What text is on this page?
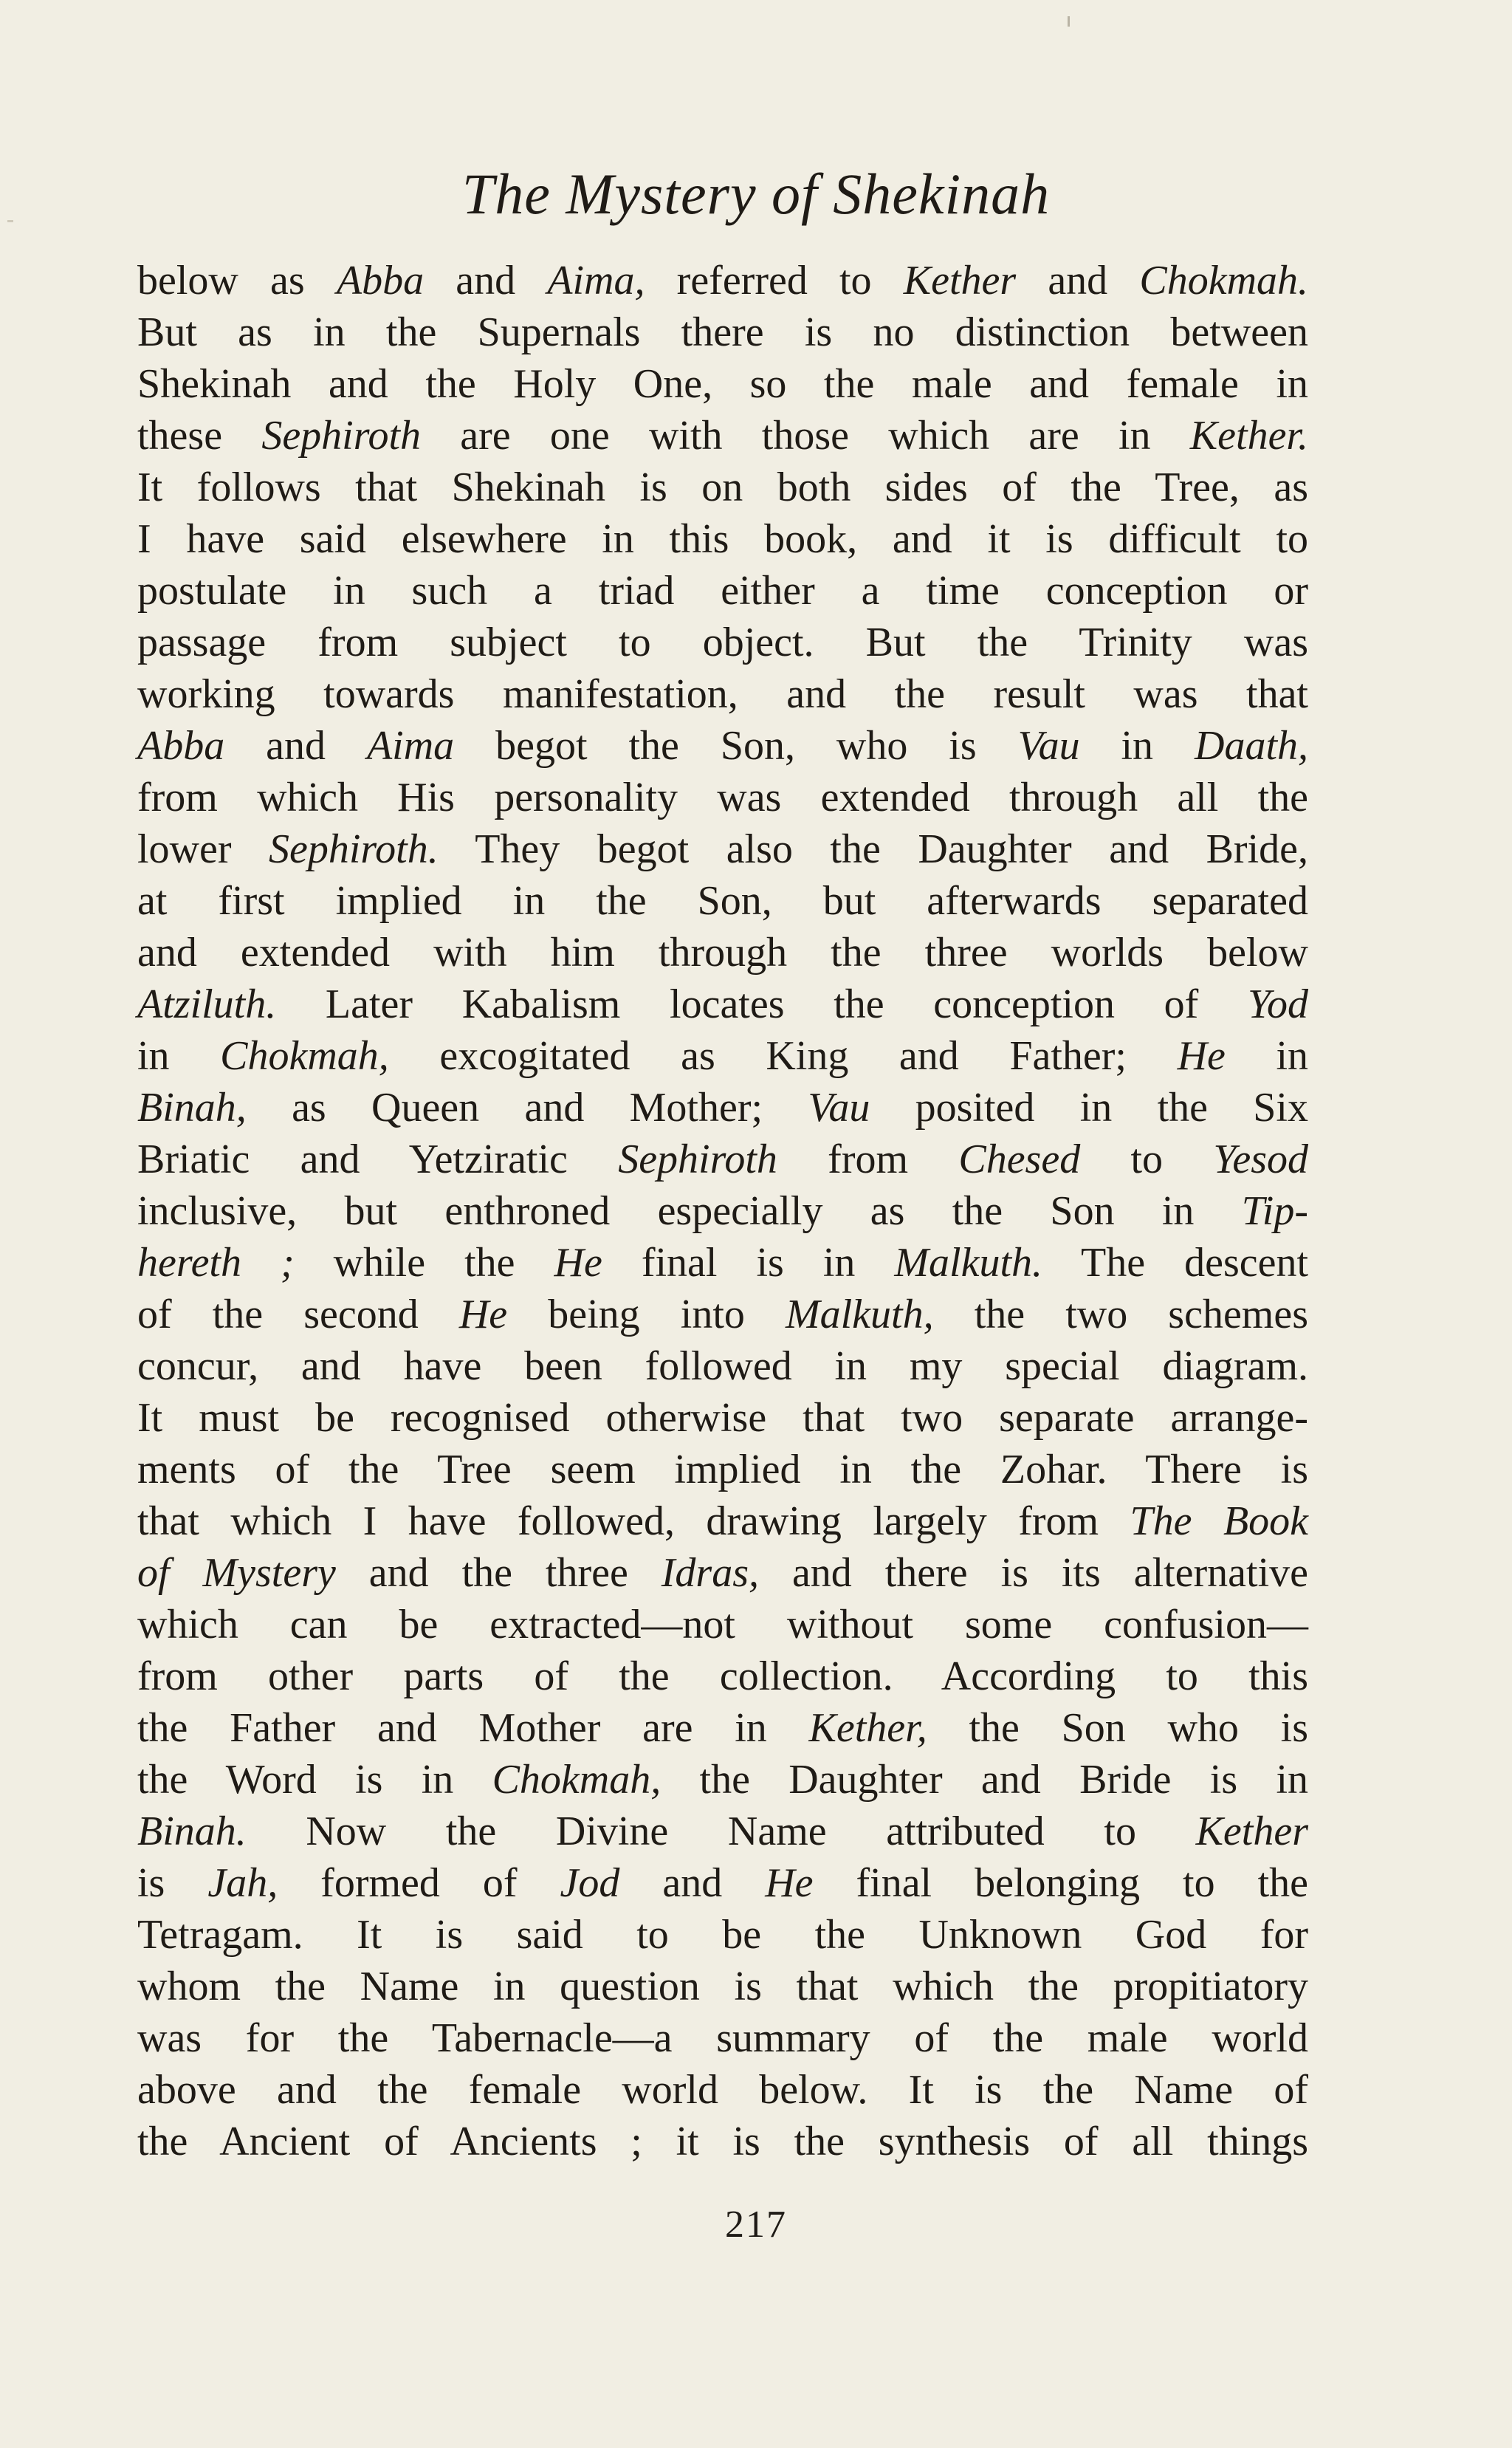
The Mystery of Shekinah
below as Abba and Aima, referred to Kether and Chokmah.
But as in the Supernals there is no distinction between
Shekinah and the Holy One, so the male and female in
these Sephiroth are one with those which are in Kether.
It follows that Shekinah is on both sides of the Tree, as
I have said elsewhere in this book, and it is difficult to
postulate in such a triad either a time conception or
passage from subject to object. But the Trinity was
working towards manifestation, and the result was that
Abba and Aima begot the Son, who is Vau in Daath,
from which His personality was extended through all the
lower Sephiroth. They begot also the Daughter and Bride,
at first implied in the Son, but afterwards separated
and extended with him through the three worlds below
Atziluth. Later Kabalism locates the conception of Yod
in Chokmah, excogitated as King and Father; He in
Binah, as Queen and Mother; Vau posited in the Six
Briatic and Yetziratic Sephiroth from Chesed to Yesod
inclusive, but enthroned especially as the Son in Tip-
hereth ; while the He final is in Malkuth. The descent
of the second He being into Malkuth, the two schemes
concur, and have been followed in my special diagram.
It must be recognised otherwise that two separate arrange-
ments of the Tree seem implied in the Zohar. There is
that which I have followed, drawing largely from The Book
of Mystery and the three Idras, and there is its alternative
which can be extracted—not without some confusion—
from other parts of the collection. According to this
the Father and Mother are in Kether, the Son who is
the Word is in Chokmah, the Daughter and Bride is in
Binah. Now the Divine Name attributed to Kether
is Jah, formed of Jod and He final belonging to the
Tetragam. It is said to be the Unknown God for
whom the Name in question is that which the propitiatory
was for the Tabernacle—a summary of the male world
above and the female world below. It is the Name of
the Ancient of Ancients ; it is the synthesis of all things
217
